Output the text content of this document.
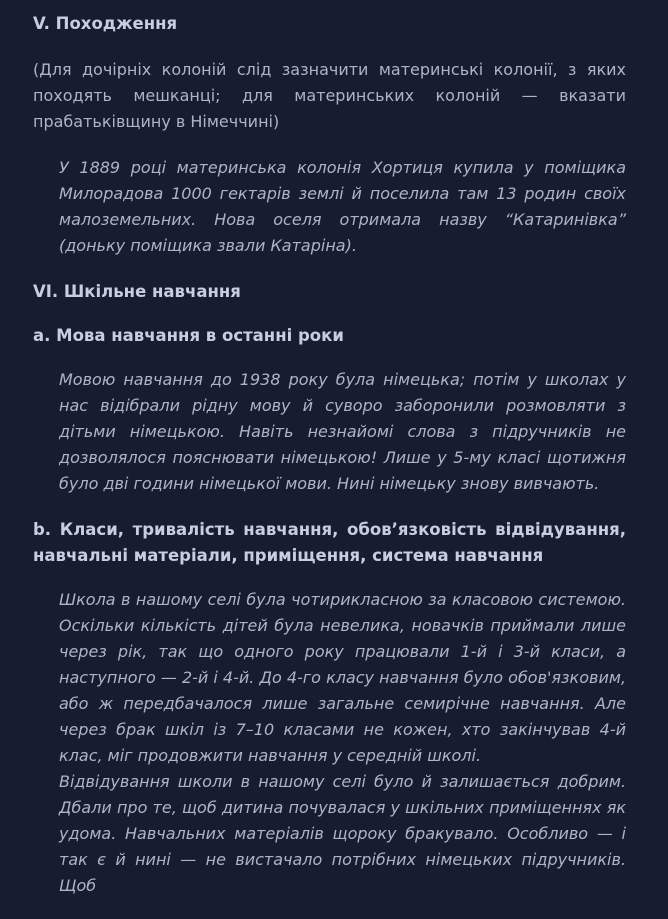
V. Походження

(Для дочірніх колоній слід зазначити материнські колонії, з яких походять мешканці; для материнських колоній — вказати прабатьківщину в Німеччині)

У 1889 році материнська колонія Хортиця купила у поміщика Милорадова 1000 гектарів землі й поселила там 13 родин своїх малоземельних. Нова оселя отримала назву “Катаринівка” (доньку поміщика звали Катаріна).

VI. Шкільне навчання
a. Мова навчання в останні роки

Мовою навчання до 1938 року була німецька; потім у школах у нас відібрали рідну мову й суворо заборонили розмовляти з дітьми німецькою. Навіть незнайомі слова з підручників не дозволялося пояснювати німецькою! Лише у 5-му класі щотижня було дві години німецької мови. Нині німецьку знову вивчають.

b. Класи, тривалість навчання, обов’язковість відвідування, навчальні матеріали, приміщення, система навчання

Школа в нашому селі була чотирикласною за класовою системою. Оскільки кількість дітей була невелика, новачків приймали лише через рік, так що одного року працювали 1-й і 3-й класи, а наступного — 2-й і 4-й. До 4-го класу навчання було обов'язковим, або ж передбачалося лише загальне семирічне навчання. Але через брак шкіл із 7–10 класами не кожен, хто закінчував 4-й клас, міг продовжити навчання у середній школі.

Відвідування школи в нашому селі було й залишається добрим. Дбали про те, щоб дитина почувалася у шкільних приміщеннях як удома. Навчальних матеріалів щороку бракувало. Особливо — і так є й нині — не вистачало потрібних німецьких підручників. Щоб
